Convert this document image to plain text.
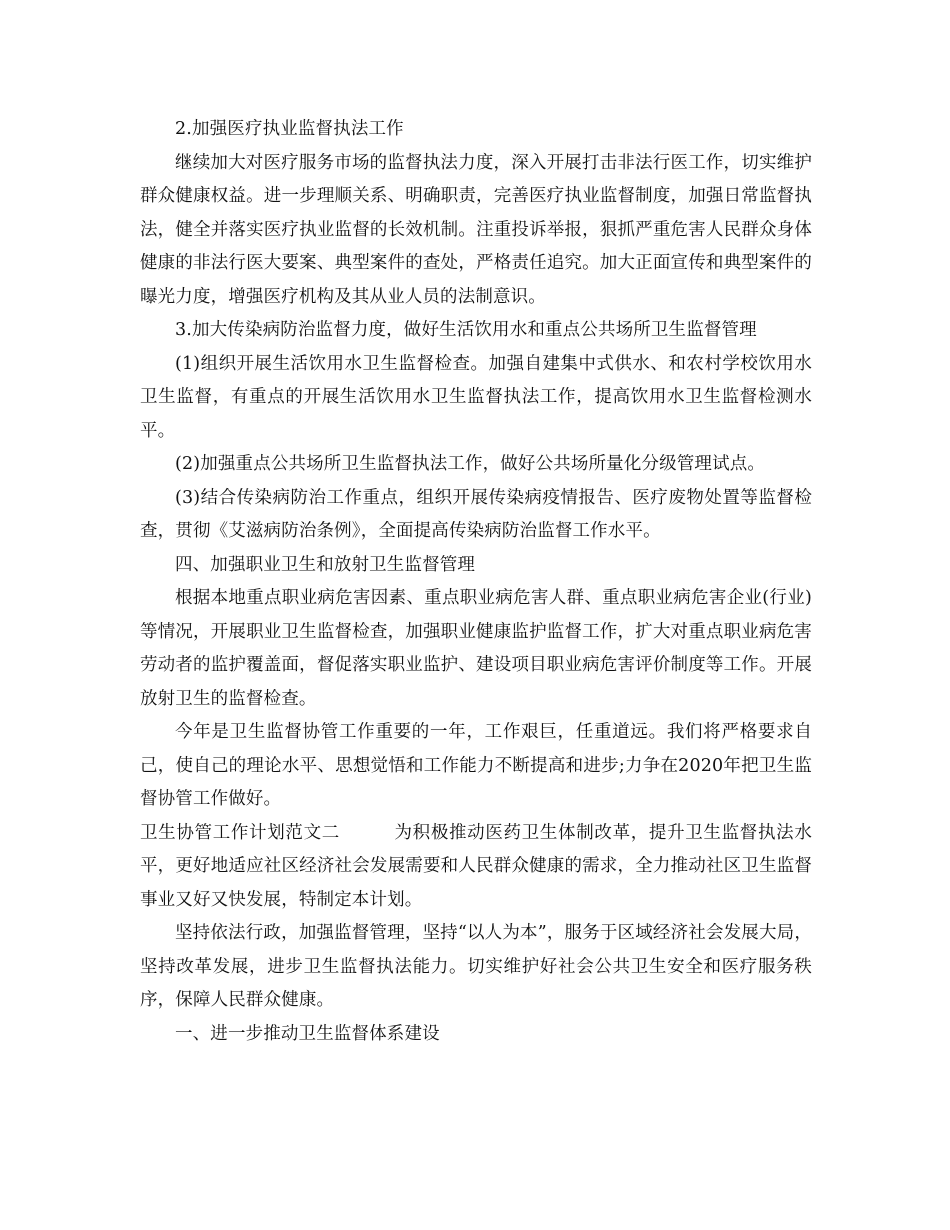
2.加强医疗执业监督执法工作

继续加大对医疗服务市场的监督执法力度，深入开展打击非法行医工作，切实维护群众健康权益。进一步理顺关系、明确职责，完善医疗执业监督制度，加强日常监督执法，健全并落实医疗执业监督的长效机制。注重投诉举报，狠抓严重危害人民群众身体健康的非法行医大要案、典型案件的查处，严格责任追究。加大正面宣传和典型案件的曝光力度，增强医疗机构及其从业人员的法制意识。

3.加大传染病防治监督力度，做好生活饮用水和重点公共场所卫生监督管理

(1)组织开展生活饮用水卫生监督检查。加强自建集中式供水、和农村学校饮用水卫生监督，有重点的开展生活饮用水卫生监督执法工作，提高饮用水卫生监督检测水平。

(2)加强重点公共场所卫生监督执法工作，做好公共场所量化分级管理试点。

(3)结合传染病防治工作重点，组织开展传染病疫情报告、医疗废物处置等监督检查，贯彻《艾滋病防治条例》，全面提高传染病防治监督工作水平。

四、加强职业卫生和放射卫生监督管理

根据本地重点职业病危害因素、重点职业病危害人群、重点职业病危害企业(行业)等情况，开展职业卫生监督检查，加强职业健康监护监督工作，扩大对重点职业病危害劳动者的监护覆盖面，督促落实职业监护、建设项目职业病危害评价制度等工作。开展放射卫生的监督检查。

今年是卫生监督协管工作重要的一年，工作艰巨，任重道远。我们将严格要求自己，使自己的理论水平、思想觉悟和工作能力不断提高和进步;力争在2020年把卫生监督协管工作做好。

卫生协管工作计划范文二	为积极推动医药卫生体制改革，提升卫生监督执法水平，更好地适应社区经济社会发展需要和人民群众健康的需求，全力推动社区卫生监督事业又好又快发展，特制定本计划。

坚持依法行政，加强监督管理，坚持“以人为本”，服务于区域经济社会发展大局，坚持改革发展，进步卫生监督执法能力。切实维护好社会公共卫生安全和医疗服务秩序，保障人民群众健康。

一、进一步推动卫生监督体系建设
